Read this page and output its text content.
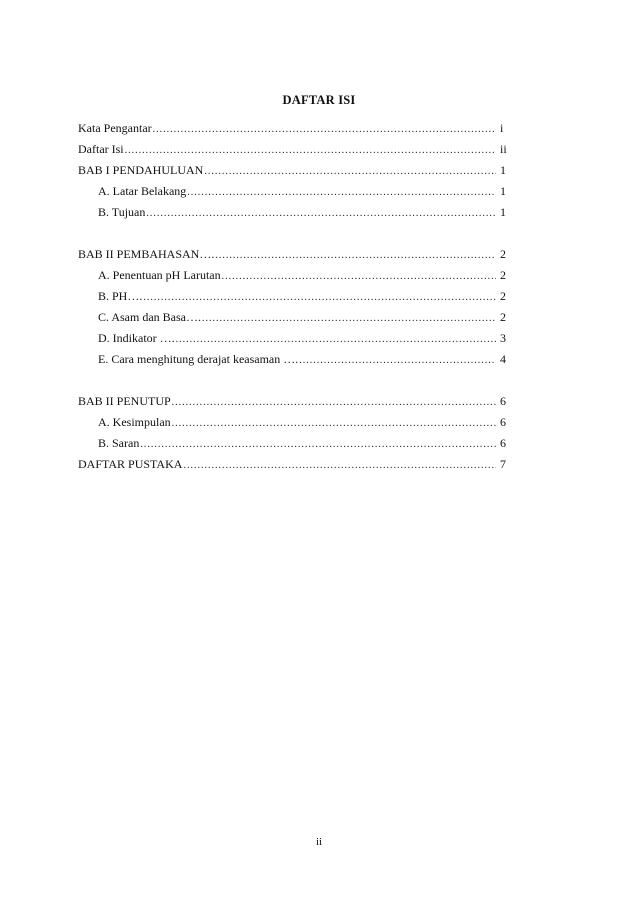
DAFTAR ISI
Kata Pengantar .....	i
Daftar Isi .....	ii
BAB I PENDAHULUAN .....	1
A. Latar Belakang .....	1
B. Tujuan .....	1
BAB II PEMBAHASAN…. .....	2
A. Penentuan pH Larutan .....	2
B. PH…. .....	2
C. Asam dan Basa…. .....	2
D. Indikator …. .....	3
E. Cara menghitung derajat keasaman …. .....	4
BAB II PENUTUP .....	6
A. Kesimpulan .....	6
B. Saran .....	6
DAFTAR PUSTAKA .....	7
ii
